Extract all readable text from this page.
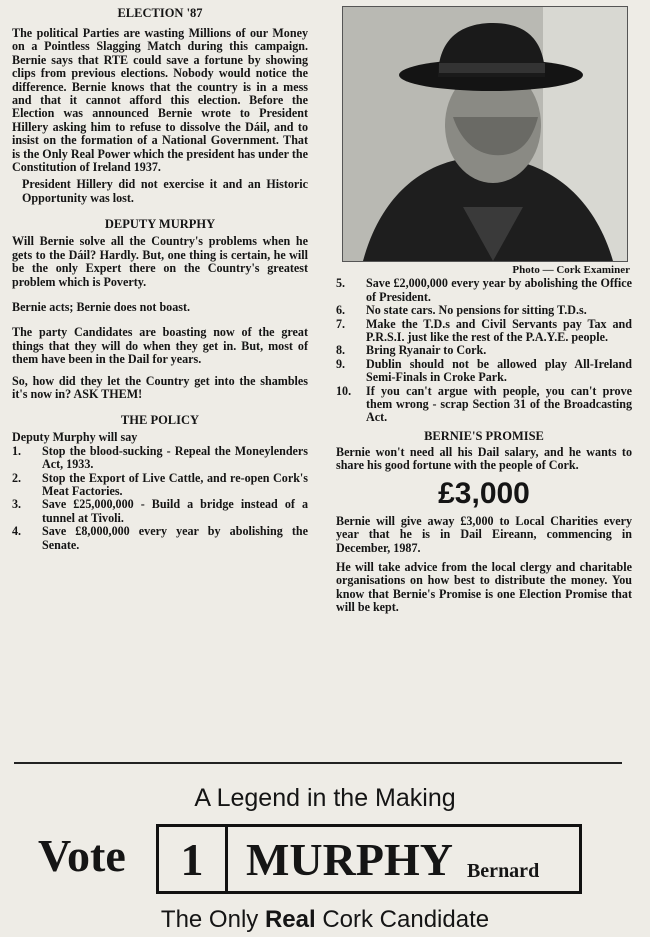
ELECTION '87

The political Parties are wasting Millions of our Money on a Pointless Slagging Match during this campaign. Bernie says that RTE could save a fortune by showing clips from previous elections. Nobody would notice the difference. Bernie knows that the country is in a mess and that it cannot afford this election. Before the Election was announced Bernie wrote to President Hillery asking him to refuse to dissolve the Dáil, and to insist on the formation of a National Government. That is the Only Real Power which the president has under the Constitution of Ireland 1937.

President Hillery did not exercise it and an Historic Opportunity was lost.

DEPUTY MURPHY

Will Bernie solve all the Country's problems when he gets to the Dáil? Hardly. But, one thing is certain, he will be the only Expert there on the Country's greatest problem which is Poverty.

Bernie acts; Bernie does not boast.

The party Candidates are boasting now of the great things that they will do when they get in. But, most of them have been in the Dail for years.

So, how did they let the Country get into the shambles it's now in? ASK THEM!

THE POLICY

Deputy Murphy will say

1.	Stop the blood-sucking - Repeal the Moneylenders Act, 1933.
2.	Stop the Export of Live Cattle, and re-open Cork's Meat Factories.
3.	Save £25,000,000 - Build a bridge instead of a tunnel at Tivoli.
4.	Save £8,000,000 every year by abolishing the Senate.

Photo — Cork Examiner

5.	Save £2,000,000 every year by abolishing the Office of President.
6.	No state cars. No pensions for sitting T.D.s.
7.	Make the T.D.s and Civil Servants pay Tax and P.R.S.I. just like the rest of the P.A.Y.E. people.
8.	Bring Ryanair to Cork.
9.	Dublin should not be allowed play All-Ireland Semi-Finals in Croke Park.
10.	If you can't argue with people, you can't prove them wrong - scrap Section 31 of the Broadcasting Act.

BERNIE'S PROMISE

Bernie won't need all his Dail salary, and he wants to share his good fortune with the people of Cork.

£3,000

Bernie will give away £3,000 to Local Charities every year that he is in Dail Eireann, commencing in December, 1987.

He will take advice from the local clergy and charitable organisations on how best to distribute the money. You know that Bernie's Promise is one Election Promise that will be kept.

A Legend in the Making
Vote	1 MURPHY Bernard
The Only Real Cork Candidate
